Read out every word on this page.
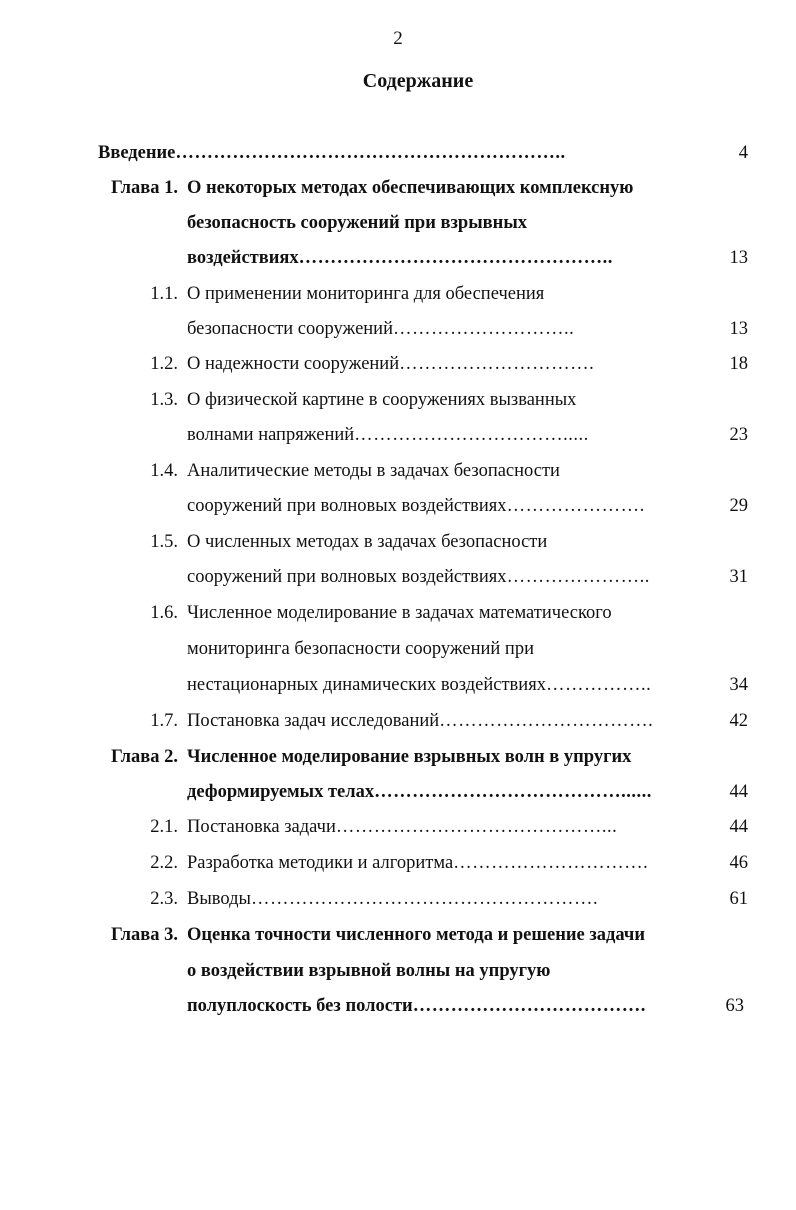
2
Содержание
Введение……………………………………………………..	4
Глава 1. О некоторых методах обеспечивающих комплексную
безопасность сооружений при взрывных
воздействиях…………………………………………..	13
1.1. О применении мониторинга для обеспечения
безопасности сооружений………………………..	13
1.2. О надежности сооружений………………………….	18
1.3. О физической картине в сооружениях вызванных
волнами напряжений…………………………….....	23
1.4. Аналитические методы в задачах безопасности
сооружений при волновых воздействиях………………….	29
1.5. О численных методах в задачах безопасности
сооружений при волновых воздействиях…………………..	31
1.6. Численное моделирование в задачах математического
мониторинга безопасности сооружений при
нестационарных динамических воздействиях……………..	34
1.7. Постановка задач исследований…………………………….	42
Глава 2. Численное моделирование взрывных волн в упругих
деформируемых телах…………………………………......	44
2.1. Постановка задачи……………………………………...	44
2.2. Разработка методики и алгоритма………………………….	46
2.3. Выводы……………………………………………….	61
Глава 3. Оценка точности численного метода и решение задачи
о воздействии взрывной волны на упругую
полуплоскость без полости……………………………….	63
